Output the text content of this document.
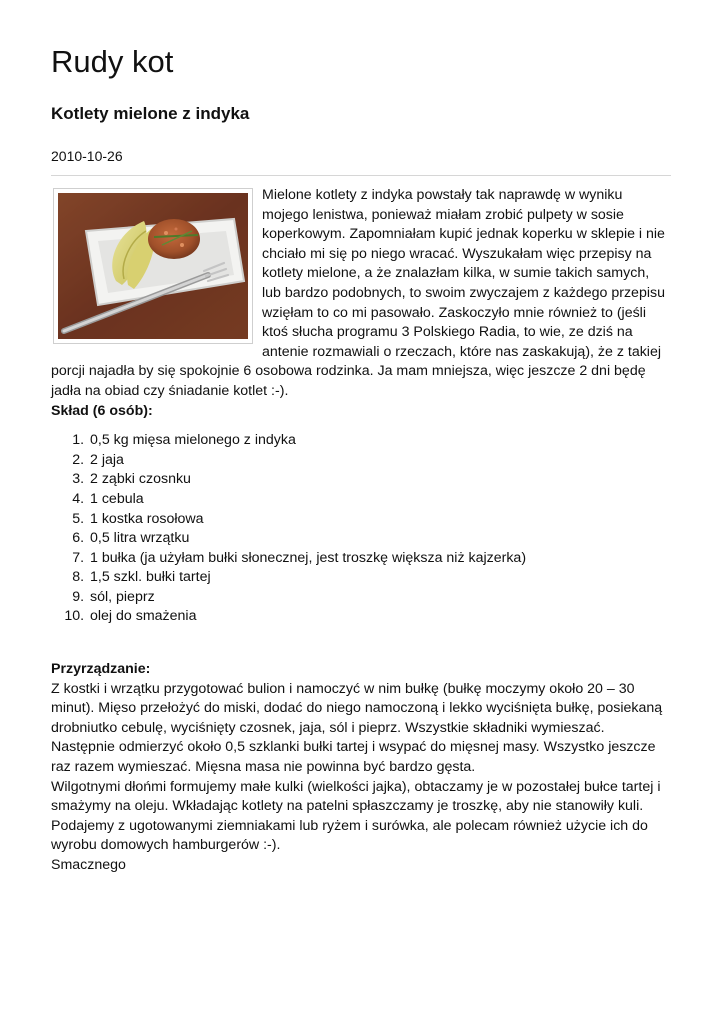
Rudy kot
Kotlety mielone z indyka
2010-10-26

Mielone kotlety z indyka powstały tak naprawdę w wyniku mojego lenistwa, ponieważ miałam zrobić pulpety w sosie koperkowym. Zapomniałam kupić jednak koperku w sklepie i nie chciało mi się po niego wracać. Wyszukałam więc przepisy na kotlety mielone, a że znalazłam kilka, w sumie takich samych, lub bardzo podobnych, to swoim zwyczajem z każdego przepisu wzięłam to co mi pasowało. Zaskoczyło mnie również to (jeśli ktoś słucha programu 3 Polskiego Radia, to wie, ze dziś na antenie rozmawiali o rzeczach, które nas zaskakują), że z takiej porcji najadła by się spokojnie 6 osobowa rodzinka. Ja mam mniejsza, więc jeszcze 2 dni będę jadła na obiad czy śniadanie kotlet :-).

Skład (6 osób):
1. 0,5 kg mięsa mielonego z indyka
2. 2 jaja
3. 2 ząbki czosnku
4. 1 cebula
5. 1 kostka rosołowa
6. 0,5 litra wrzątku
7. 1 bułka (ja użyłam bułki słonecznej, jest troszkę większa niż kajzerka)
8. 1,5 szkl. bułki tartej
9. sól, pieprz
10. olej do smażenia
Przyrządzanie:

Z kostki i wrzątku przygotować bulion i namoczyć w nim bułkę (bułkę moczymy około 20 – 30 minut). Mięso przełożyć do miski, dodać do niego namoczoną i lekko wyciśnięta bułkę, posiekaną drobniutko cebulę, wyciśnięty czosnek, jaja, sól i pieprz. Wszystkie składniki wymieszać.

Następnie odmierzyć około 0,5 szklanki bułki tartej i wsypać do mięsnej masy. Wszystko jeszcze raz razem wymieszać. Mięsna masa nie powinna być bardzo gęsta.

Wilgotnymi dłońmi formujemy małe kulki (wielkości jajka), obtaczamy je w pozostałej bułce tartej i smażymy na oleju. Wkładając kotlety na patelni spłaszczamy je troszkę, aby nie stanowiły kuli.

Podajemy z ugotowanymi ziemniakami lub ryżem i surówka, ale polecam również użycie ich do wyrobu domowych hamburgerów :-).

Smacznego
